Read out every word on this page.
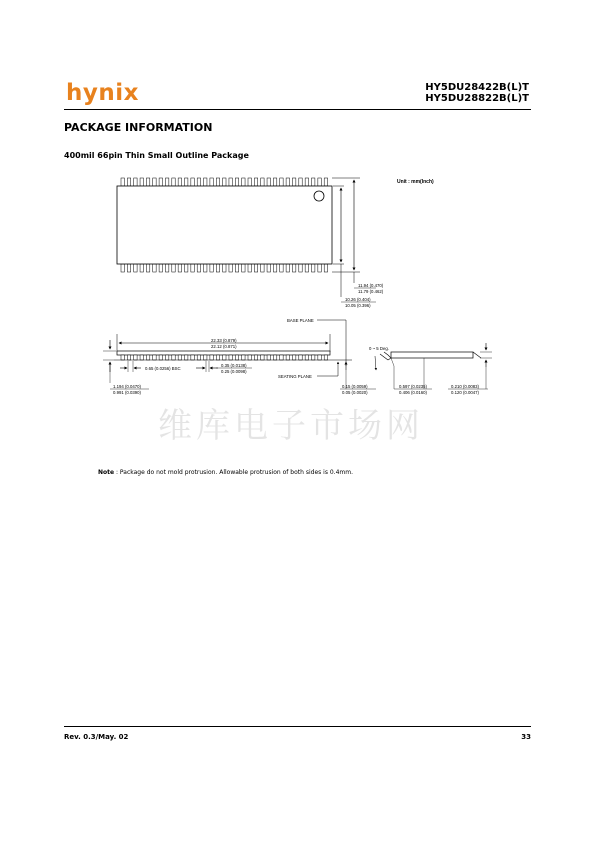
hynix	HY5DU28422B(L)T
HY5DU28822B(L)T
PACKAGE INFORMATION
400mil 66pin Thin Small Outline Package
维库电子市场网
11.94 (0.470)
11.79 (0.462)
10.26 (0.404)
10.05 (0.396)
Unit : mm(Inch)
BASE PLANE
22.33 (0.879)
22.12 (0.871)
1.194 (0.0470)
0.991 (0.0390)
0.65 (0.0256) BSC
0.35 (0.0138)
0.25 (0.0098)
SEATING PLANE
0.15 (0.0059)
0.05 (0.0020)
0 ~ 5 Deg.
0.597 (0.0235)
0.406 (0.0160)
0.210 (0.0083)
0.120 (0.0047)
Note : Package do not mold protrusion. Allowable protrusion of both sides is 0.4mm.
Rev. 0.3/May. 02	33
